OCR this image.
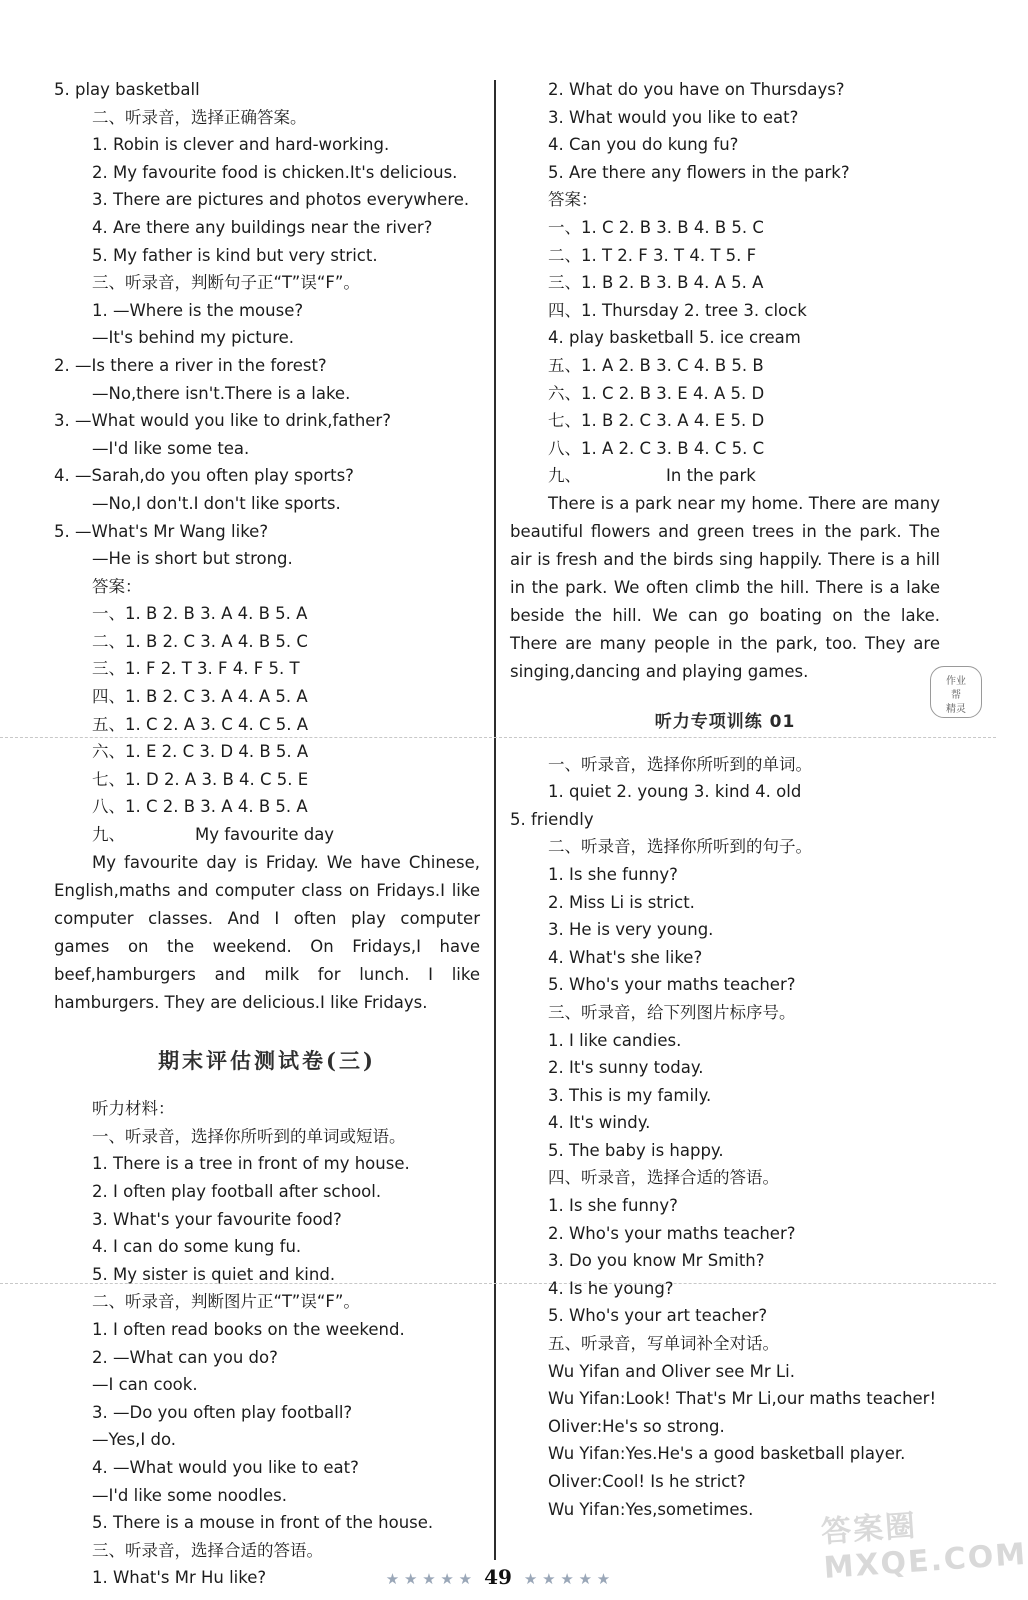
5. play basketball
二、听录音，选择正确答案。
1. Robin is clever and hard-working.
2. My favourite food is chicken.It's delicious.
3. There are pictures and photos everywhere.
4. Are there any buildings near the river?
5. My father is kind but very strict.
三、听录音，判断句子正“T”误“F”。
1. —Where is the mouse?
—It's behind my picture.
2. —Is there a river in the forest?
—No,there isn't.There is a lake.
3. —What would you like to drink,father?
—I'd like some tea.
4. —Sarah,do you often play sports?
—No,I don't.I don't like sports.
5. —What's Mr Wang like?
—He is short but strong.
答案：
一、1. B 2. B 3. A 4. B 5. A
二、1. B 2. C 3. A 4. B 5. C
三、1. F 2. T 3. F 4. F 5. T
四、1. B 2. C 3. A 4. A 5. A
五、1. C 2. A 3. C 4. C 5. A
六、1. E 2. C 3. D 4. B 5. A
七、1. D 2. A 3. B 4. C 5. E
八、1. C 2. B 3. A 4. B 5. A
九、	My favourite day
My favourite day is Friday. We have Chinese, English,maths and computer class on Fridays.I like computer classes. And I often play computer games on the weekend. On Fridays,I have beef,hamburgers and milk for lunch. I like hamburgers. They are delicious.I like Fridays.
期末评估测试卷(三)
听力材料：
一、听录音，选择你所听到的单词或短语。
1. There is a tree in front of my house.
2. I often play football after school.
3. What's your favourite food?
4. I can do some kung fu.
5. My sister is quiet and kind.
二、听录音，判断图片正“T”误“F”。
1. I often read books on the weekend.
2. —What can you do?
—I can cook.
3. —Do you often play football?
—Yes,I do.
4. —What would you like to eat?
—I'd like some noodles.
5. There is a mouse in front of the house.
三、听录音，选择合适的答语。
1. What's Mr Hu like?
2. What do you have on Thursdays?
3. What would you like to eat?
4. Can you do kung fu?
5. Are there any flowers in the park?
答案：
一、1. C 2. B 3. B 4. B 5. C
二、1. T 2. F 3. T 4. T 5. F
三、1. B 2. B 3. B 4. A 5. A
四、1. Thursday 2. tree 3. clock
4. play basketball 5. ice cream
五、1. A 2. B 3. C 4. B 5. B
六、1. C 2. B 3. E 4. A 5. D
七、1. B 2. C 3. A 4. E 5. D
八、1. A 2. C 3. B 4. C 5. C
九、	In the park
There is a park near my home. There are many beautiful flowers and green trees in the park. The air is fresh and the birds sing happily. There is a hill in the park. We often climb the hill. There is a lake beside the hill. We can go boating on the lake. There are many people in the park, too. They are singing,dancing and playing games.
听力专项训练 01
一、听录音，选择你所听到的单词。
1. quiet 2. young 3. kind 4. old
5. friendly
二、听录音，选择你所听到的句子。
1. Is she funny?
2. Miss Li is strict.
3. He is very young.
4. What's she like?
5. Who's your maths teacher?
三、听录音，给下列图片标序号。
1. I like candies.
2. It's sunny today.
3. This is my family.
4. It's windy.
5. The baby is happy.
四、听录音，选择合适的答语。
1. Is she funny?
2. Who's your maths teacher?
3. Do you know Mr Smith?
4. Is he young?
5. Who's your art teacher?
五、听录音，写单词补全对话。
Wu Yifan and Oliver see Mr Li.
Wu Yifan:Look! That's Mr Li,our maths teacher!
Oliver:He's so strong.
Wu Yifan:Yes.He's a good basketball player.
Oliver:Cool! Is he strict?
Wu Yifan:Yes,sometimes.
作业
帮
精灵
答案圈 MXQE.COM
★ ★ ★ ★ ★ 49 ★ ★ ★ ★ ★
